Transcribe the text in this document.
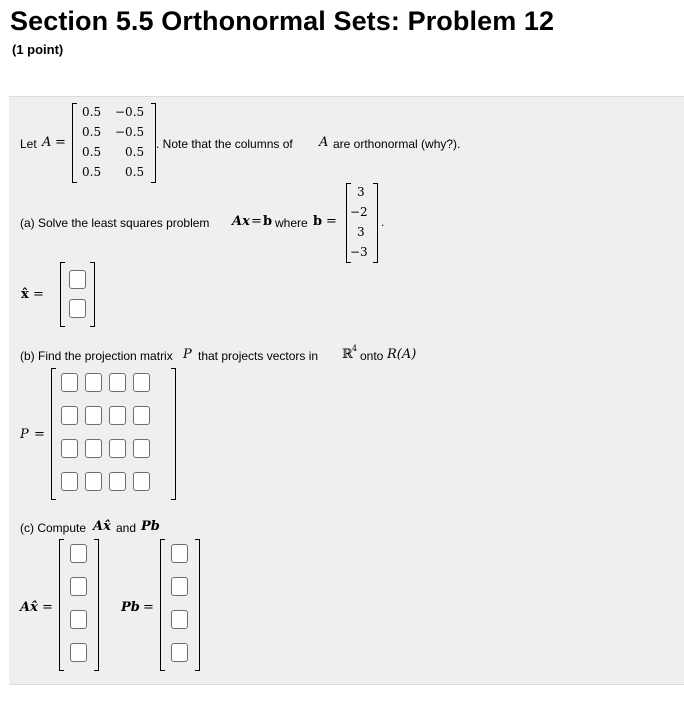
Section 5.5 Orthonormal Sets: Problem 12
(1 point)
Let A =
0.5 −0.5
0.5 −0.5
0.5 0.5
0.5 0.5
. Note that the columns of A are orthonormal (why?).
(a) Solve the least squares problem Ax = b where b =
3
−2
3
−3
.
x̂ =
(b) Find the projection matrix P that projects vectors in ℝ 4
onto R(A)
P =
(c) Compute Ax̂ and Pb
Ax̂ =	Pb =
